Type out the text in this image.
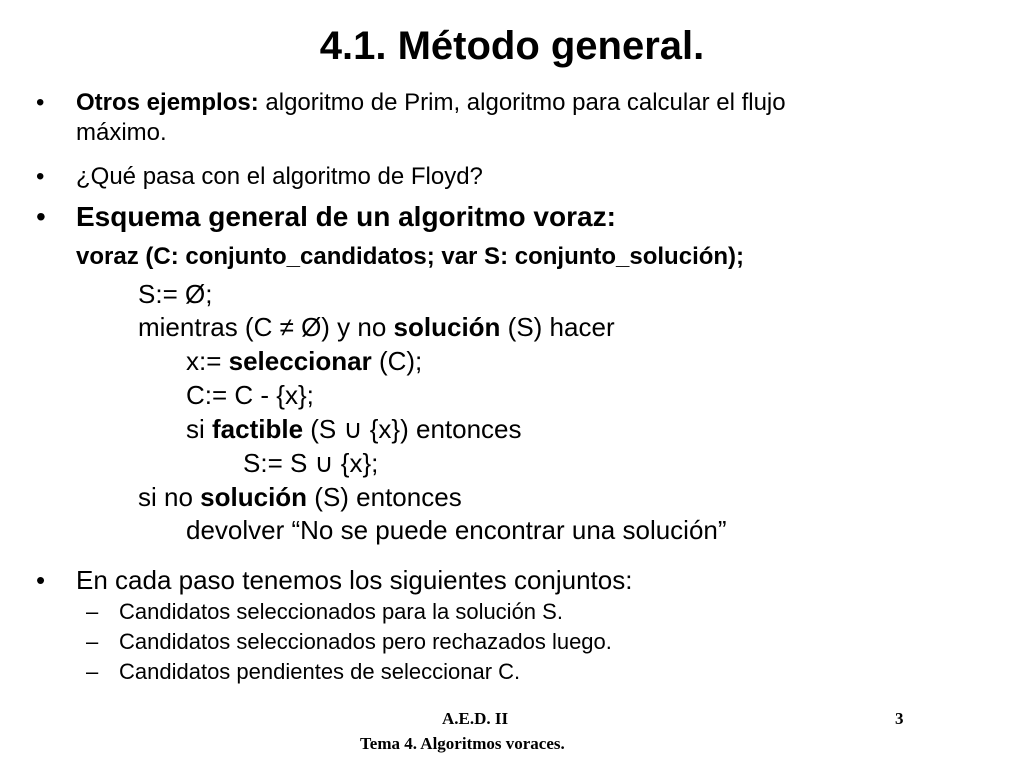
4.1. Método general.
• Otros ejemplos: algoritmo de Prim, algoritmo para calcular el flujo
máximo.
• ¿Qué pasa con el algoritmo de Floyd?
• Esquema general de un algoritmo voraz:
voraz (C: conjunto_candidatos; var S: conjunto_solución);
S:= Ø;
mientras (C ≠ Ø) y no solución (S) hacer
x:= seleccionar (C);
C:= C - {x};
si factible (S ∪ {x}) entonces
S:= S ∪ {x};
si no solución (S) entonces
devolver “No se puede encontrar una solución”
• En cada paso tenemos los siguientes conjuntos:
– Candidatos seleccionados para la solución S.
– Candidatos seleccionados pero rechazados luego.
– Candidatos pendientes de seleccionar C.
A.E.D. II
Tema 4. Algoritmos voraces.
3
